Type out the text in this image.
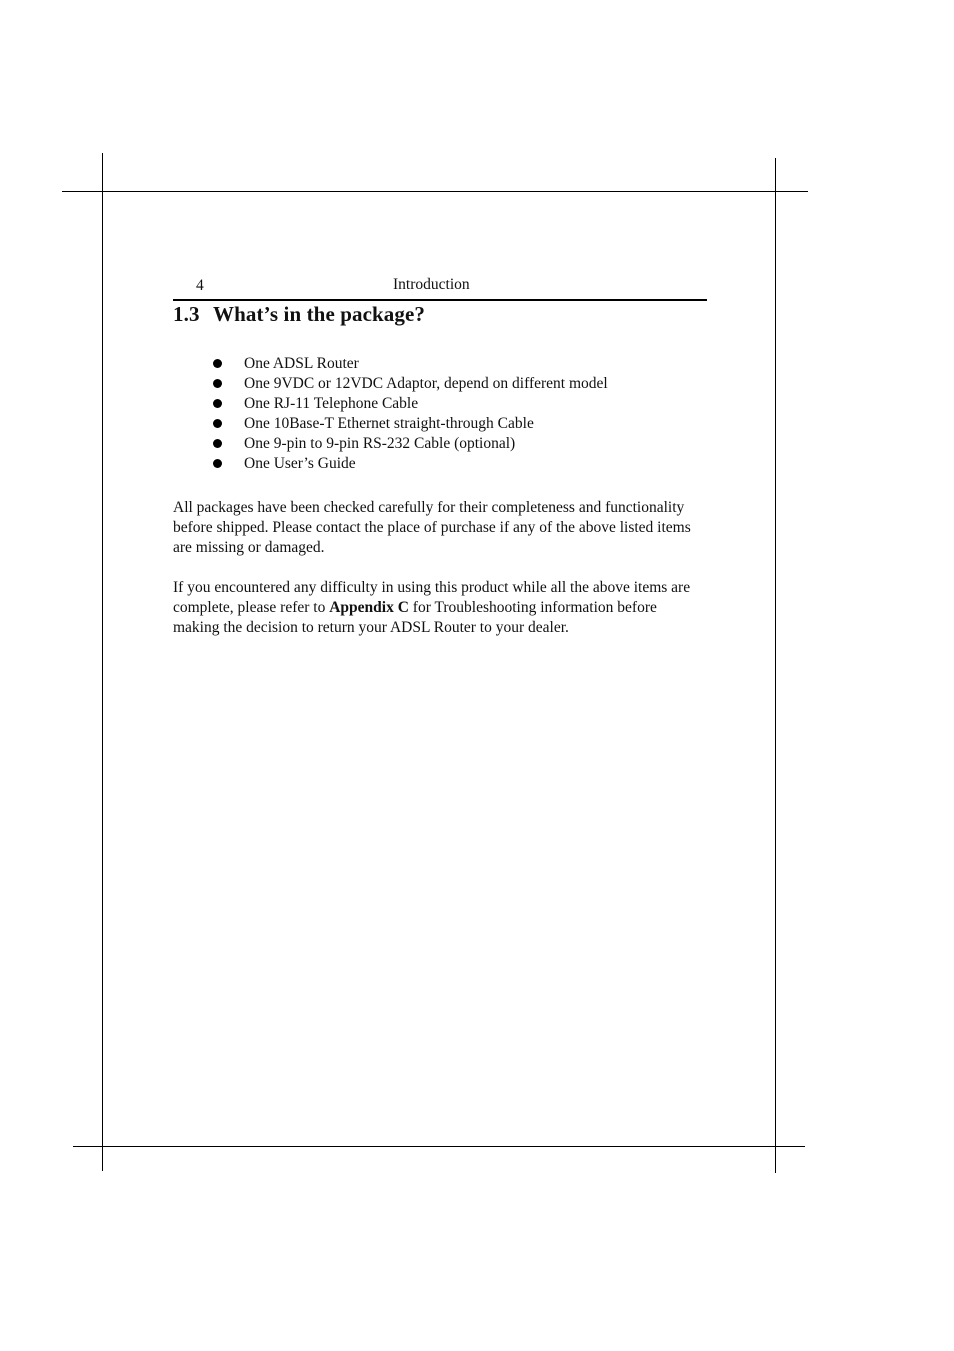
4	Introduction
1.3 What’s in the package?
One ADSL Router
One 9VDC or 12VDC Adaptor, depend on different model
One RJ-11 Telephone Cable
One 10Base-T Ethernet straight-through Cable
One 9-pin to 9-pin RS-232 Cable (optional)
One User’s Guide

All packages have been checked carefully for their completeness and functionality before shipped. Please contact the place of purchase if any of the above listed items are missing or damaged.

If you encountered any difficulty in using this product while all the above items are complete, please refer to Appendix C for Troubleshooting information before making the decision to return your ADSL Router to your dealer.
